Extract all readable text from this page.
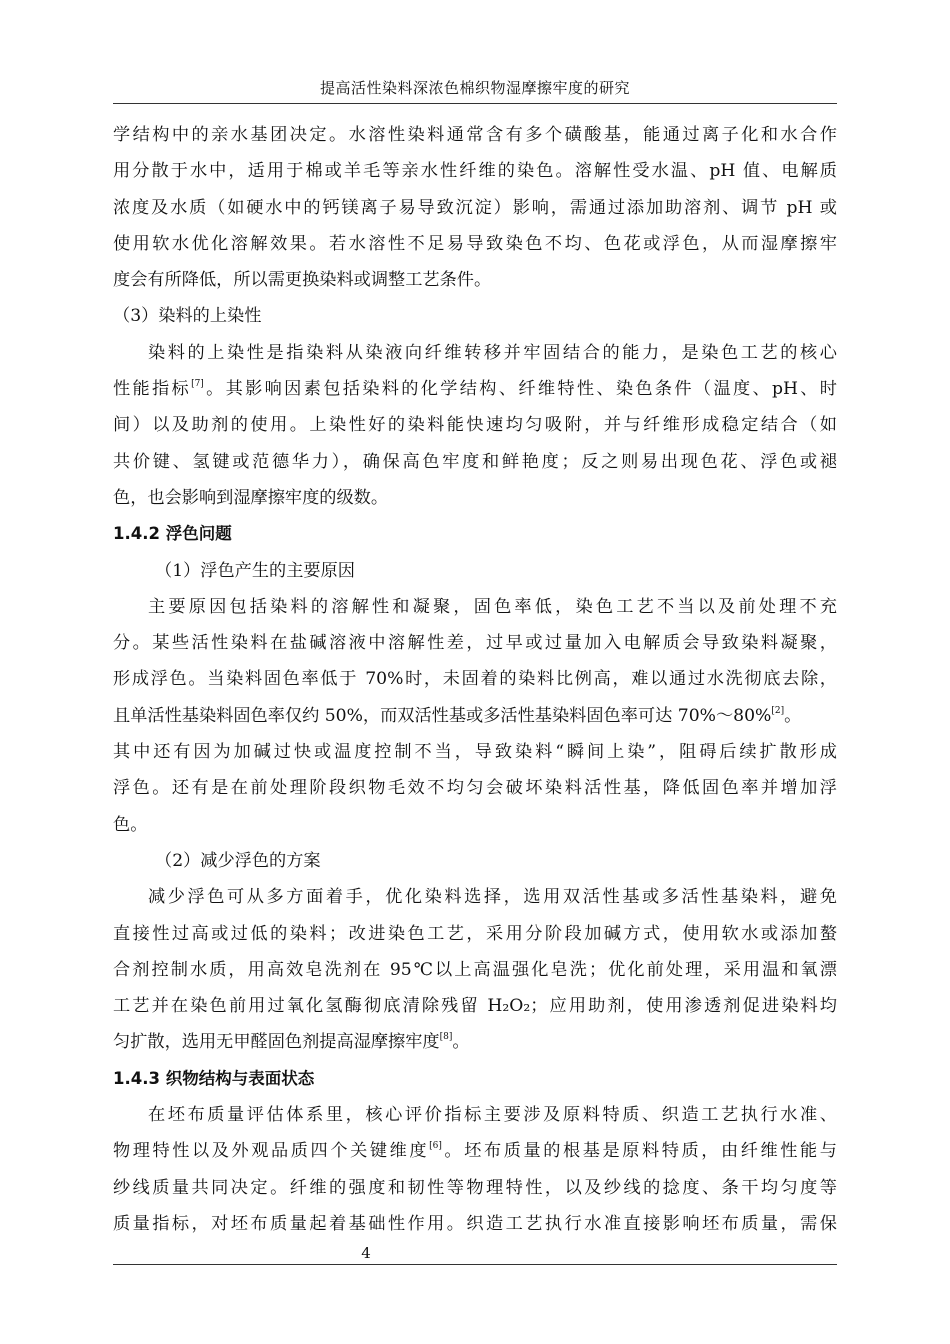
提高活性染料深浓色棉织物湿摩擦牢度的研究
学结构中的亲水基团决定。水溶性染料通常含有多个磺酸基，能通过离子化和水合作
用分散于水中，适用于棉或羊毛等亲水性纤维的染色。溶解性受水温、pH 值、电解质
浓度及水质（如硬水中的钙镁离子易导致沉淀）影响，需通过添加助溶剂、调节 pH 或
使用软水优化溶解效果。若水溶性不足易导致染色不均、色花或浮色，从而湿摩擦牢
度会有所降低，所以需更换染料或调整工艺条件。
（3）染料的上染性
染料的上染性是指染料从染液向纤维转移并牢固结合的能力，是染色工艺的核心
性能指标[7]。其影响因素包括染料的化学结构、纤维特性、染色条件（温度、pH、时
间）以及助剂的使用。上染性好的染料能快速均匀吸附，并与纤维形成稳定结合（如
共价键、氢键或范德华力），确保高色牢度和鲜艳度；反之则易出现色花、浮色或褪
色，也会影响到湿摩擦牢度的级数。
1.4.2 浮色问题
（1）浮色产生的主要原因
主要原因包括染料的溶解性和凝聚，固色率低，染色工艺不当以及前处理不充
分。某些活性染料在盐碱溶液中溶解性差，过早或过量加入电解质会导致染料凝聚，
形成浮色。当染料固色率低于 70%时，未固着的染料比例高，难以通过水洗彻底去除，
且单活性基染料固色率仅约 50%，而双活性基或多活性基染料固色率可达 70%～80%[2]。
其中还有因为加碱过快或温度控制不当，导致染料“瞬间上染”，阻碍后续扩散形成
浮色。还有是在前处理阶段织物毛效不均匀会破坏染料活性基，降低固色率并增加浮
色。
（2）减少浮色的方案
减少浮色可从多方面着手，优化染料选择，选用双活性基或多活性基染料，避免
直接性过高或过低的染料；改进染色工艺，采用分阶段加碱方式，使用软水或添加螯
合剂控制水质，用高效皂洗剂在 95℃以上高温强化皂洗；优化前处理，采用温和氧漂
工艺并在染色前用过氧化氢酶彻底清除残留 H₂O₂；应用助剂，使用渗透剂促进染料均
匀扩散，选用无甲醛固色剂提高湿摩擦牢度[8]。
1.4.3 织物结构与表面状态
在坯布质量评估体系里，核心评价指标主要涉及原料特质、织造工艺执行水准、
物理特性以及外观品质四个关键维度[6]。坯布质量的根基是原料特质，由纤维性能与
纱线质量共同决定。纤维的强度和韧性等物理特性，以及纱线的捻度、条干均匀度等
质量指标，对坯布质量起着基础性作用。织造工艺执行水准直接影响坯布质量，需保
4
